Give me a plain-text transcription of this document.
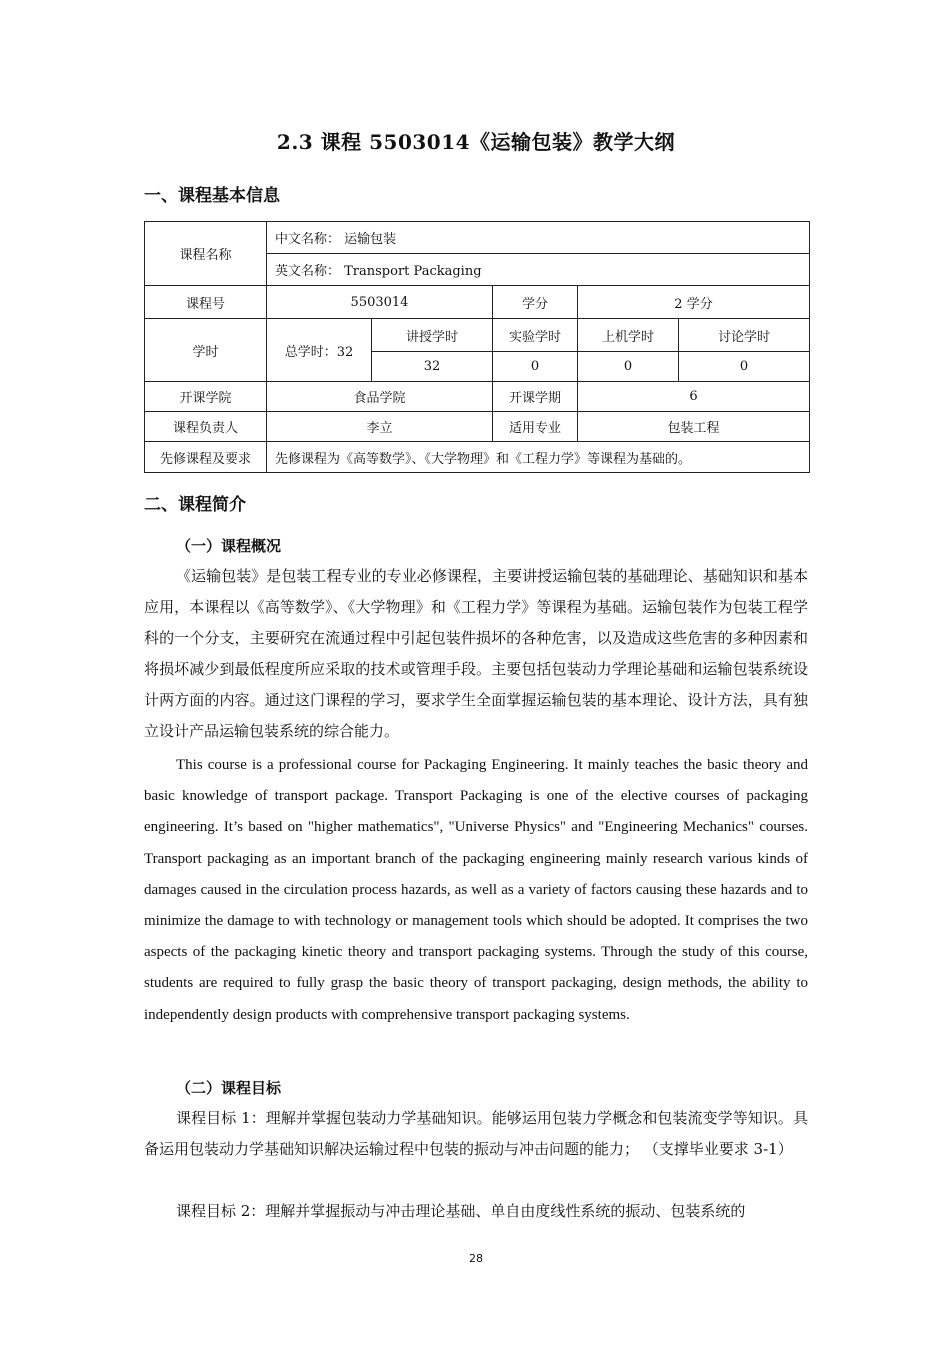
2.3 课程 5503014《运输包装》教学大纲
一、课程基本信息
课程名称	中文名称： 运输包装				
	英文名称： Transport Packaging				
课程号	5503014		学分	2 学分	
学时	总学时：32	讲授学时	实验学时	上机学时	讨论学时
		32	0	0	0
开课学院	食品学院		开课学期	6	
课程负责人	李立		适用专业	包装工程	
先修课程及要求	先修课程为《高等数学》、《大学物理》和《工程力学》等课程为基础的。				
二、课程简介
（一）课程概况

《运输包装》是包装工程专业的专业必修课程，主要讲授运输包装的基础理论、基础知识和基本应用，本课程以《高等数学》、《大学物理》和《工程力学》等课程为基础。运输包装作为包装工程学科的一个分支，主要研究在流通过程中引起包装件损坏的各种危害，以及造成这些危害的多种因素和将损坏减少到最低程度所应采取的技术或管理手段。主要包括包装动力学理论基础和运输包装系统设计两方面的内容。通过这门课程的学习，要求学生全面掌握运输包装的基本理论、设计方法，具有独立设计产品运输包装系统的综合能力。

This course is a professional course for Packaging Engineering. It mainly teaches the basic theory and basic knowledge of transport package. Transport Packaging is one of the elective courses of packaging engineering. It’s based on "higher mathematics", "Universe Physics" and "Engineering Mechanics" courses. Transport packaging as an important branch of the packaging engineering mainly research various kinds of damages caused in the circulation process hazards, as well as a variety of factors causing these hazards and to minimize the damage to with technology or management tools which should be adopted. It comprises the two aspects of the packaging kinetic theory and transport packaging systems. Through the study of this course, students are required to fully grasp the basic theory of transport packaging, design methods, the ability to independently design products with comprehensive transport packaging systems.

（二）课程目标

课程目标 1：理解并掌握包装动力学基础知识。能够运用包装力学概念和包装流变学等知识。具备运用包装动力学基础知识解决运输过程中包装的振动与冲击问题的能力； （支撑毕业要求 3-1）

课程目标 2：理解并掌握振动与冲击理论基础、单自由度线性系统的振动、包装系统的

28
